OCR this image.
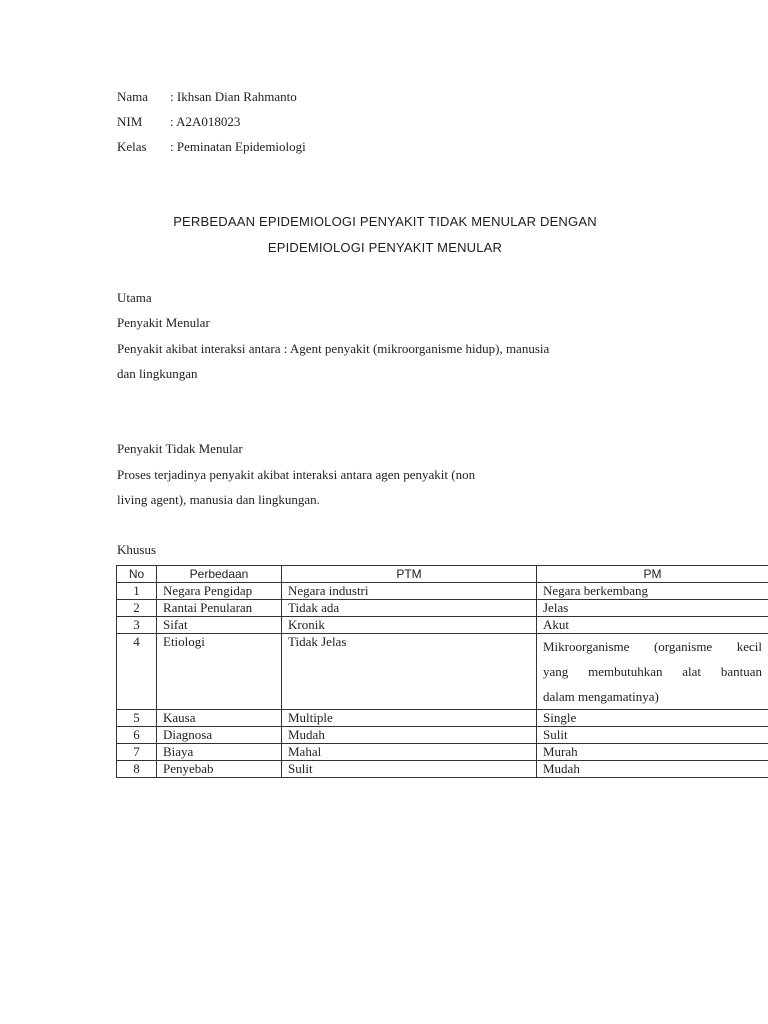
Nama : Ikhsan Dian Rahmanto
NIM	: A2A018023
Kelas : Peminatan Epidemiologi
PERBEDAAN EPIDEMIOLOGI PENYAKIT TIDAK MENULAR DENGAN
EPIDEMIOLOGI PENYAKIT MENULAR
Utama
Penyakit Menular
Penyakit akibat interaksi antara : Agent penyakit (mikroorganisme hidup), manusia
dan lingkungan
Penyakit Tidak Menular
Proses terjadinya penyakit akibat interaksi antara agen penyakit (non
living agent), manusia dan lingkungan.
Khusus
No	Perbedaan	PTM	PM
1	Negara Pengidap	Negara industri	Negara berkembang
2	Rantai Penularan	Tidak ada	Jelas
3	Sifat	Kronik	Akut
4	Etiologi	Tidak Jelas	Mikroorganisme (organisme kecil
yang membutuhkan alat bantuan
dalam mengamatinya)

5	Kausa	Multiple	Single
6	Diagnosa	Mudah	Sulit
7	Biaya	Mahal	Murah
8	Penyebab	Sulit	Mudah
